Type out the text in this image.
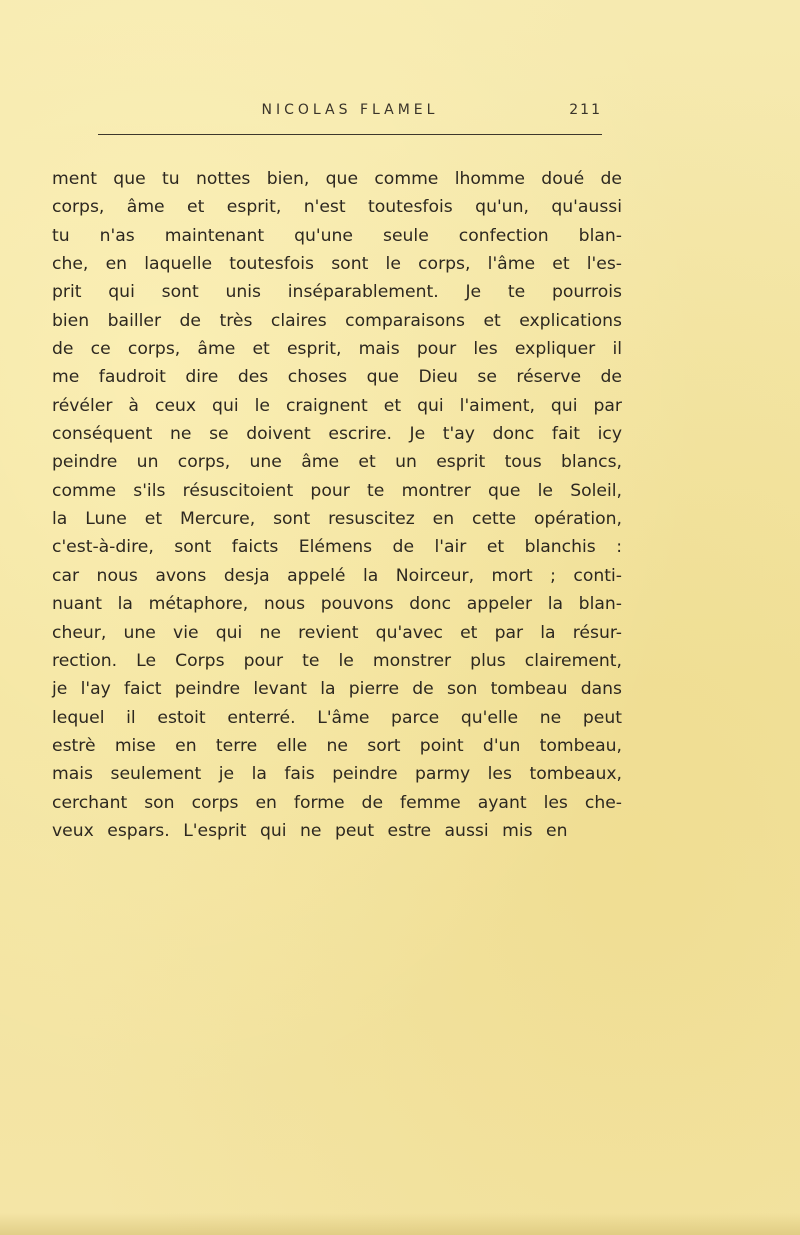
NICOLAS FLAMEL	211

ment que tu nottes bien, que comme lhomme doué de
corps, âme et esprit, n'est toutesfois qu'un, qu'aussi
tu n'as maintenant qu'une seule confection blan-
che, en laquelle toutesfois sont le corps, l'âme et l'es-
prit qui sont unis inséparablement. Je te pourrois
bien bailler de très claires comparaisons et explications
de ce corps, âme et esprit, mais pour les expliquer il
me faudroit dire des choses que Dieu se réserve de
révéler à ceux qui le craignent et qui l'aiment, qui par
conséquent ne se doivent escrire. Je t'ay donc fait icy
peindre un corps, une âme et un esprit tous blancs,
comme s'ils résuscitoient pour te montrer que le Soleil,
la Lune et Mercure, sont resuscitez en cette opération,
c'est-à-dire, sont faicts Elémens de l'air et blanchis :
car nous avons desja appelé la Noirceur, mort ; conti-
nuant la métaphore, nous pouvons donc appeler la blan-
cheur, une vie qui ne revient qu'avec et par la résur-
rection. Le Corps pour te le monstrer plus clairement,
je l'ay faict peindre levant la pierre de son tombeau dans
lequel il estoit enterré. L'âme parce qu'elle ne peut
estrè mise en terre elle ne sort point d'un tombeau,
mais seulement je la fais peindre parmy les tombeaux,
cerchant son corps en forme de femme ayant les che-
veux espars. L'esprit qui ne peut estre aussi mis en
